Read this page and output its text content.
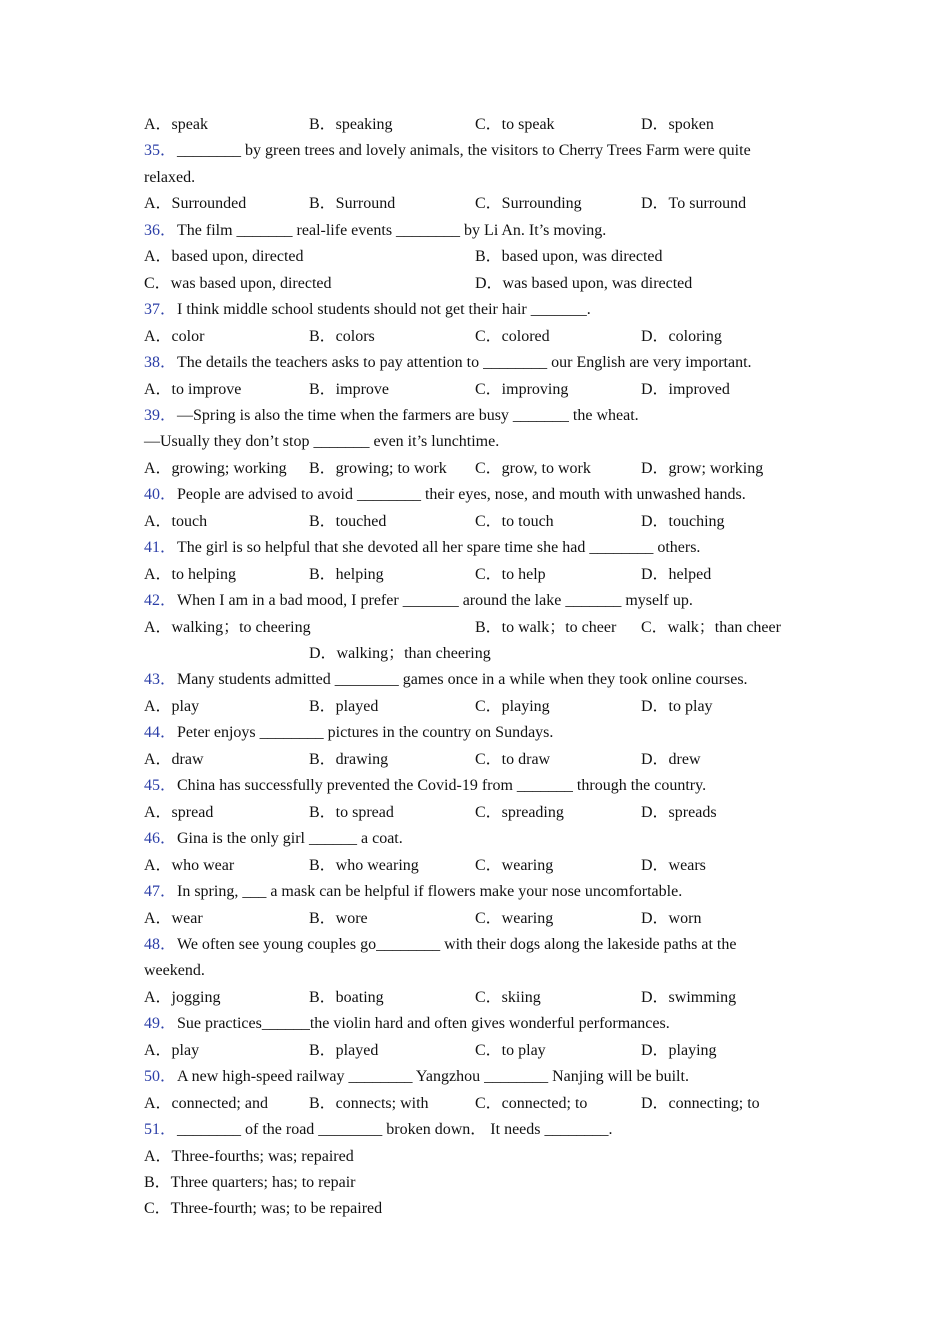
A．speak	B．speaking	C．to speak	D．spoken
35． ________ by green trees and lovely animals, the visitors to Cherry Trees Farm were quite
relaxed.
A．Surrounded	B．Surround	C．Surrounding	D．To surround
36． The film _______ real-life events ________ by Li An. It’s moving.
A．based upon, directed	B．based upon, was directed
C．was based upon, directed	D．was based upon, was directed
37． I think middle school students should not get their hair _______.
A．color	B．colors	C．colored	D．coloring
38． The details the teachers asks to pay attention to ________ our English are very important.
A．to improve	B．improve	C．improving	D．improved
39． —Spring is also the time when the farmers are busy _______ the wheat.
—Usually they don’t stop _______ even it’s lunchtime.
A．growing; working B．growing; to work C．grow, to work	D．grow; working
40． People are advised to avoid ________ their eyes, nose, and mouth with unwashed hands.
A．touch	B．touched	C．to touch	D．touching
41． The girl is so helpful that she devoted all her spare time she had ________ others.
A．to helping	B．helping	C．to help	D．helped
42． When I am in a bad mood, I prefer _______ around the lake _______ myself up.
A．walking；to cheering	B．to walk；to cheer C．walk；than cheer
D．walking；than cheering
43． Many students admitted ________ games once in a while when they took online courses.
A．play	B．played	C．playing	D．to play
44． Peter enjoys ________ pictures in the country on Sundays.
A．draw	B．drawing	C．to draw	D．drew
45． China has successfully prevented the Covid-19 from _______ through the country.
A．spread	B．to spread	C．spreading	D．spreads
46． Gina is the only girl ______ a coat.
A．who wear	B．who wearing	C．wearing	D．wears
47． In spring, ___ a mask can be helpful if flowers make your nose uncomfortable.
A．wear	B．wore	C．wearing	D．worn
48． We often see young couples go________ with their dogs along the lakeside paths at the
weekend.
A．jogging	B．boating	C．skiing	D．swimming
49． Sue practices______the violin hard and often gives wonderful performances.
A．play	B．played	C．to play	D．playing
50． A new high-speed railway ________ Yangzhou ________ Nanjing will be built.
A．connected; and	B．connects; with	C．connected; to	D．connecting; to
51． ________ of the road ________ broken down． It needs ________.
A．Three-fourths; was; repaired
B．Three quarters; has; to repair
C．Three-fourth; was; to be repaired
